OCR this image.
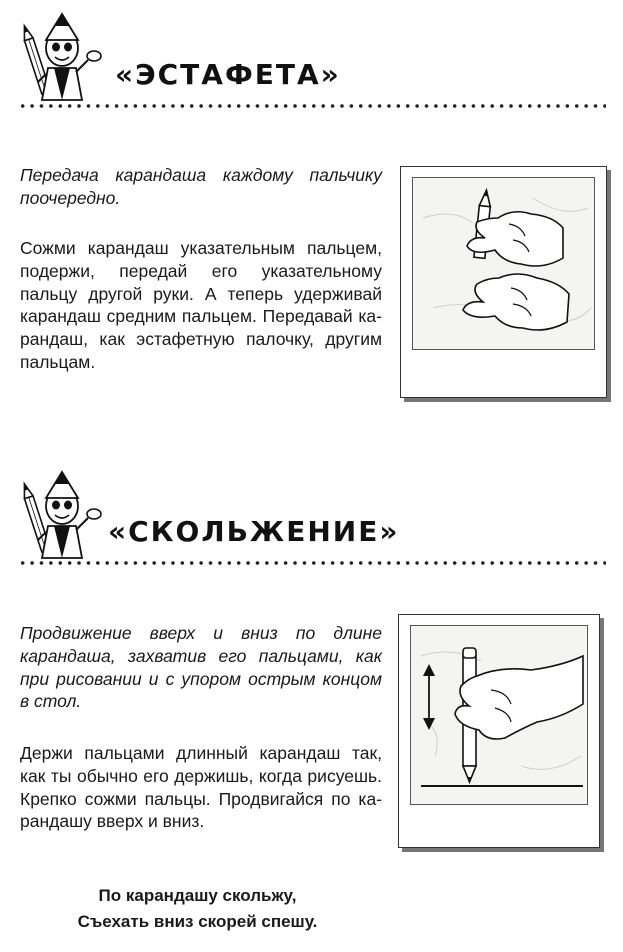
«ЭСТАФЕТА»

Передача карандаша каждому пальчику поочередно.

Сожми карандаш указательным пальцем, подержи, передай его указательному пальцу другой руки. А теперь удерживай карандаш средним пальцем. Передавай карандаш, как эстафетную палочку, другим пальцам.

«СКОЛЬЖЕНИЕ»

Продвижение вверх и вниз по длине карандаша, захватив его пальцами, как при рисовании и с упором острым концом в стол.

Держи пальцами длинный карандаш так, как ты обычно его держишь, когда рисуешь. Крепко сожми пальцы. Продвигайся по карандашу вверх и вниз.

По карандашу скольжу,

Съехать вниз скорей спешу.
